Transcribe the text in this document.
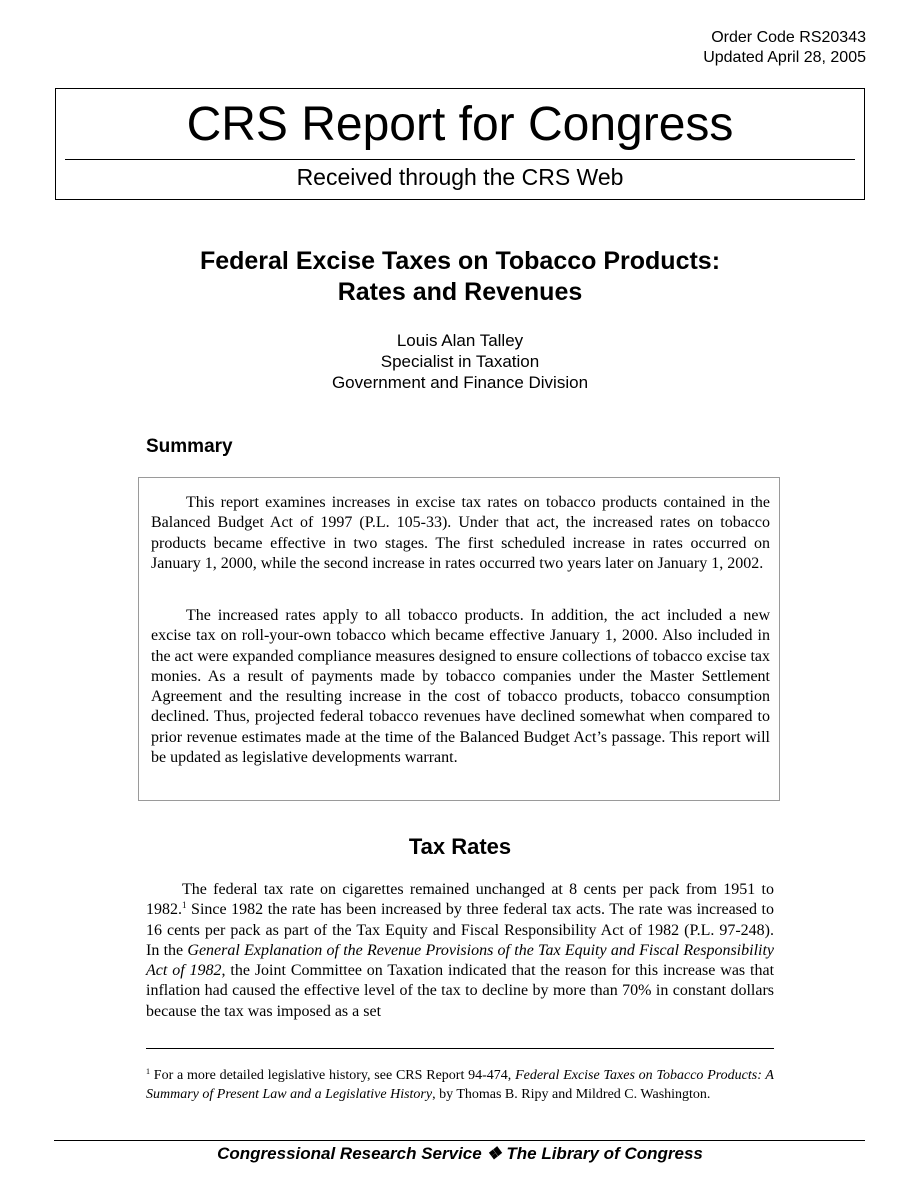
Order Code RS20343
Updated April 28, 2005
CRS Report for Congress
Received through the CRS Web
Federal Excise Taxes on Tobacco Products:
Rates and Revenues
Louis Alan Talley
Specialist in Taxation
Government and Finance Division
Summary

This report examines increases in excise tax rates on tobacco products contained in the Balanced Budget Act of 1997 (P.L. 105-33). Under that act, the increased rates on tobacco products became effective in two stages. The first scheduled increase in rates occurred on January 1, 2000, while the second increase in rates occurred two years later on January 1, 2002.

The increased rates apply to all tobacco products. In addition, the act included a new excise tax on roll-your-own tobacco which became effective January 1, 2000. Also included in the act were expanded compliance measures designed to ensure collections of tobacco excise tax monies. As a result of payments made by tobacco companies under the Master Settlement Agreement and the resulting increase in the cost of tobacco products, tobacco consumption declined. Thus, projected federal tobacco revenues have declined somewhat when compared to prior revenue estimates made at the time of the Balanced Budget Act’s passage. This report will be updated as legislative developments warrant.

Tax Rates

The federal tax rate on cigarettes remained unchanged at 8 cents per pack from 1951 to 1982.$^1$ Since 1982 the rate has been increased by three federal tax acts. The rate was increased to 16 cents per pack as part of the Tax Equity and Fiscal Responsibility Act of 1982 (P.L. 97-248). In the General Explanation of the Revenue Provisions of the Tax Equity and Fiscal Responsibility Act of 1982, the Joint Committee on Taxation indicated that the reason for this increase was that inflation had caused the effective level of the tax to decline by more than 70% in constant dollars because the tax was imposed as a set

$^1$ For a more detailed legislative history, see CRS Report 94-474, Federal Excise Taxes on Tobacco Products: A Summary of Present Law and a Legislative History, by Thomas B. Ripy and Mildred C. Washington.

Congressional Research Service ❖ The Library of Congress
